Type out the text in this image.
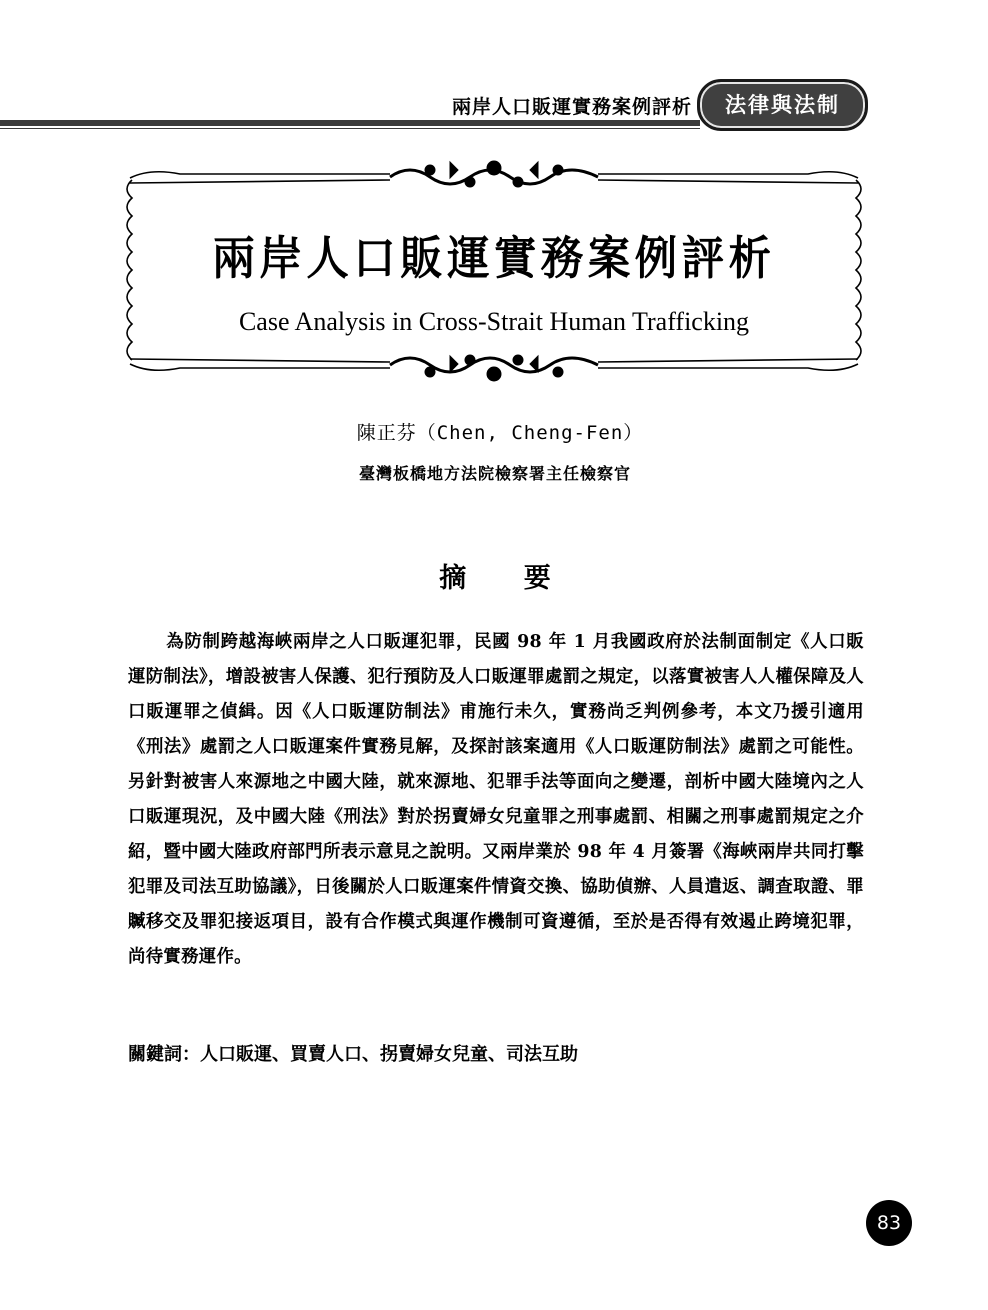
兩岸人口販運實務案例評析	法律與法制
兩岸人口販運實務案例評析
Case Analysis in Cross-Strait Human Trafficking
陳正芬（Chen, Cheng-Fen）
臺灣板橋地方法院檢察署主任檢察官
摘 要

為防制跨越海峽兩岸之人口販運犯罪，民國 98 年 1 月我國政府於法制面制定《人口販運防制法》，增設被害人保護、犯行預防及人口販運罪處罰之規定，以落實被害人人權保障及人口販運罪之偵緝。因《人口販運防制法》甫施行未久，實務尚乏判例參考，本文乃援引適用《刑法》處罰之人口販運案件實務見解，及探討該案適用《人口販運防制法》處罰之可能性。另針對被害人來源地之中國大陸，就來源地、犯罪手法等面向之變遷，剖析中國大陸境內之人口販運現況，及中國大陸《刑法》對於拐賣婦女兒童罪之刑事處罰、相關之刑事處罰規定之介紹，暨中國大陸政府部門所表示意見之說明。又兩岸業於 98 年 4 月簽署《海峽兩岸共同打擊犯罪及司法互助協議》，日後關於人口販運案件情資交換、協助偵辦、人員遣返、調查取證、罪贓移交及罪犯接返項目，設有合作模式與運作機制可資遵循，至於是否得有效遏止跨境犯罪，尚待實務運作。

關鍵詞：人口販運、買賣人口、拐賣婦女兒童、司法互助
83
